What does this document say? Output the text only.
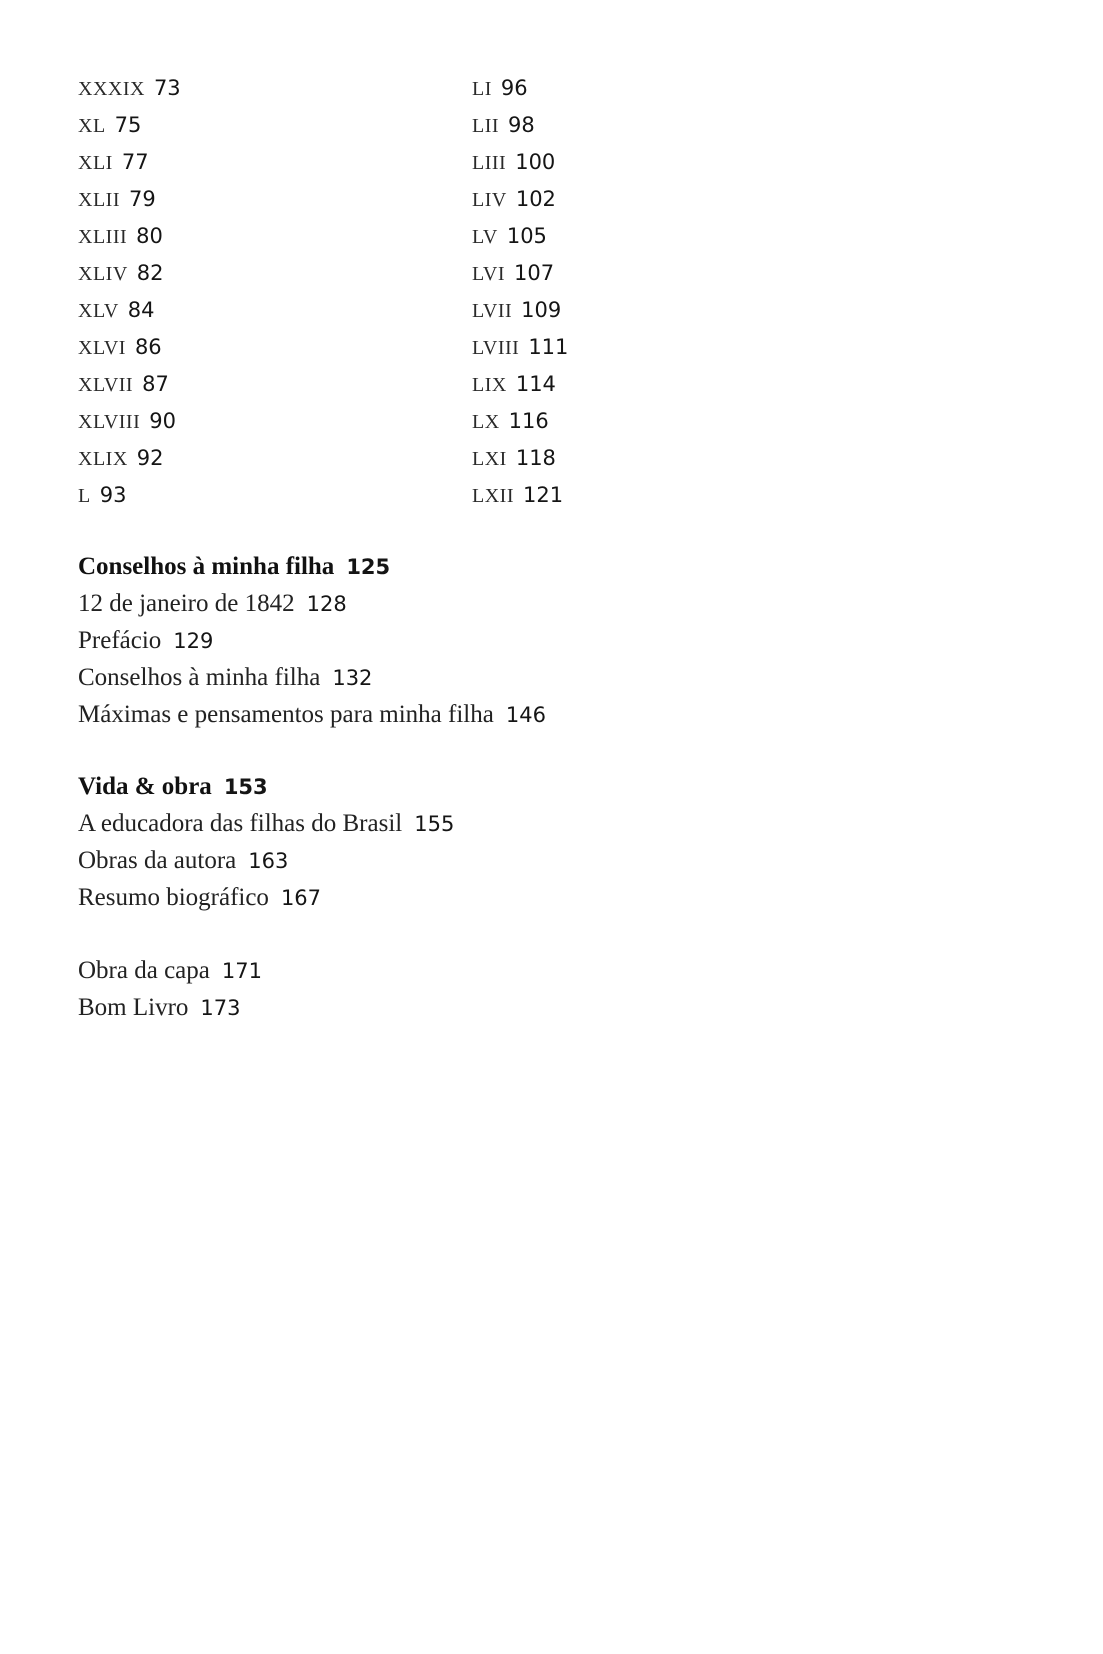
XXXIX 73
XL 75
XLI 77
XLII 79
XLIII 80
XLIV 82
XLV 84
XLVI 86
XLVII 87
XLVIII 90
XLIX 92
L 93
LI 96
LII 98
LIII 100
LIV 102
LV 105
LVI 107
LVII 109
LVIII 111
LIX 114
LX 116
LXI 118
LXII 121
Conselhos à minha filha 125
12 de janeiro de 1842 128
Prefácio 129
Conselhos à minha filha 132
Máximas e pensamentos para minha filha 146
Vida & obra 153
A educadora das filhas do Brasil 155
Obras da autora 163
Resumo biográfico 167
Obra da capa 171
Bom Livro 173
